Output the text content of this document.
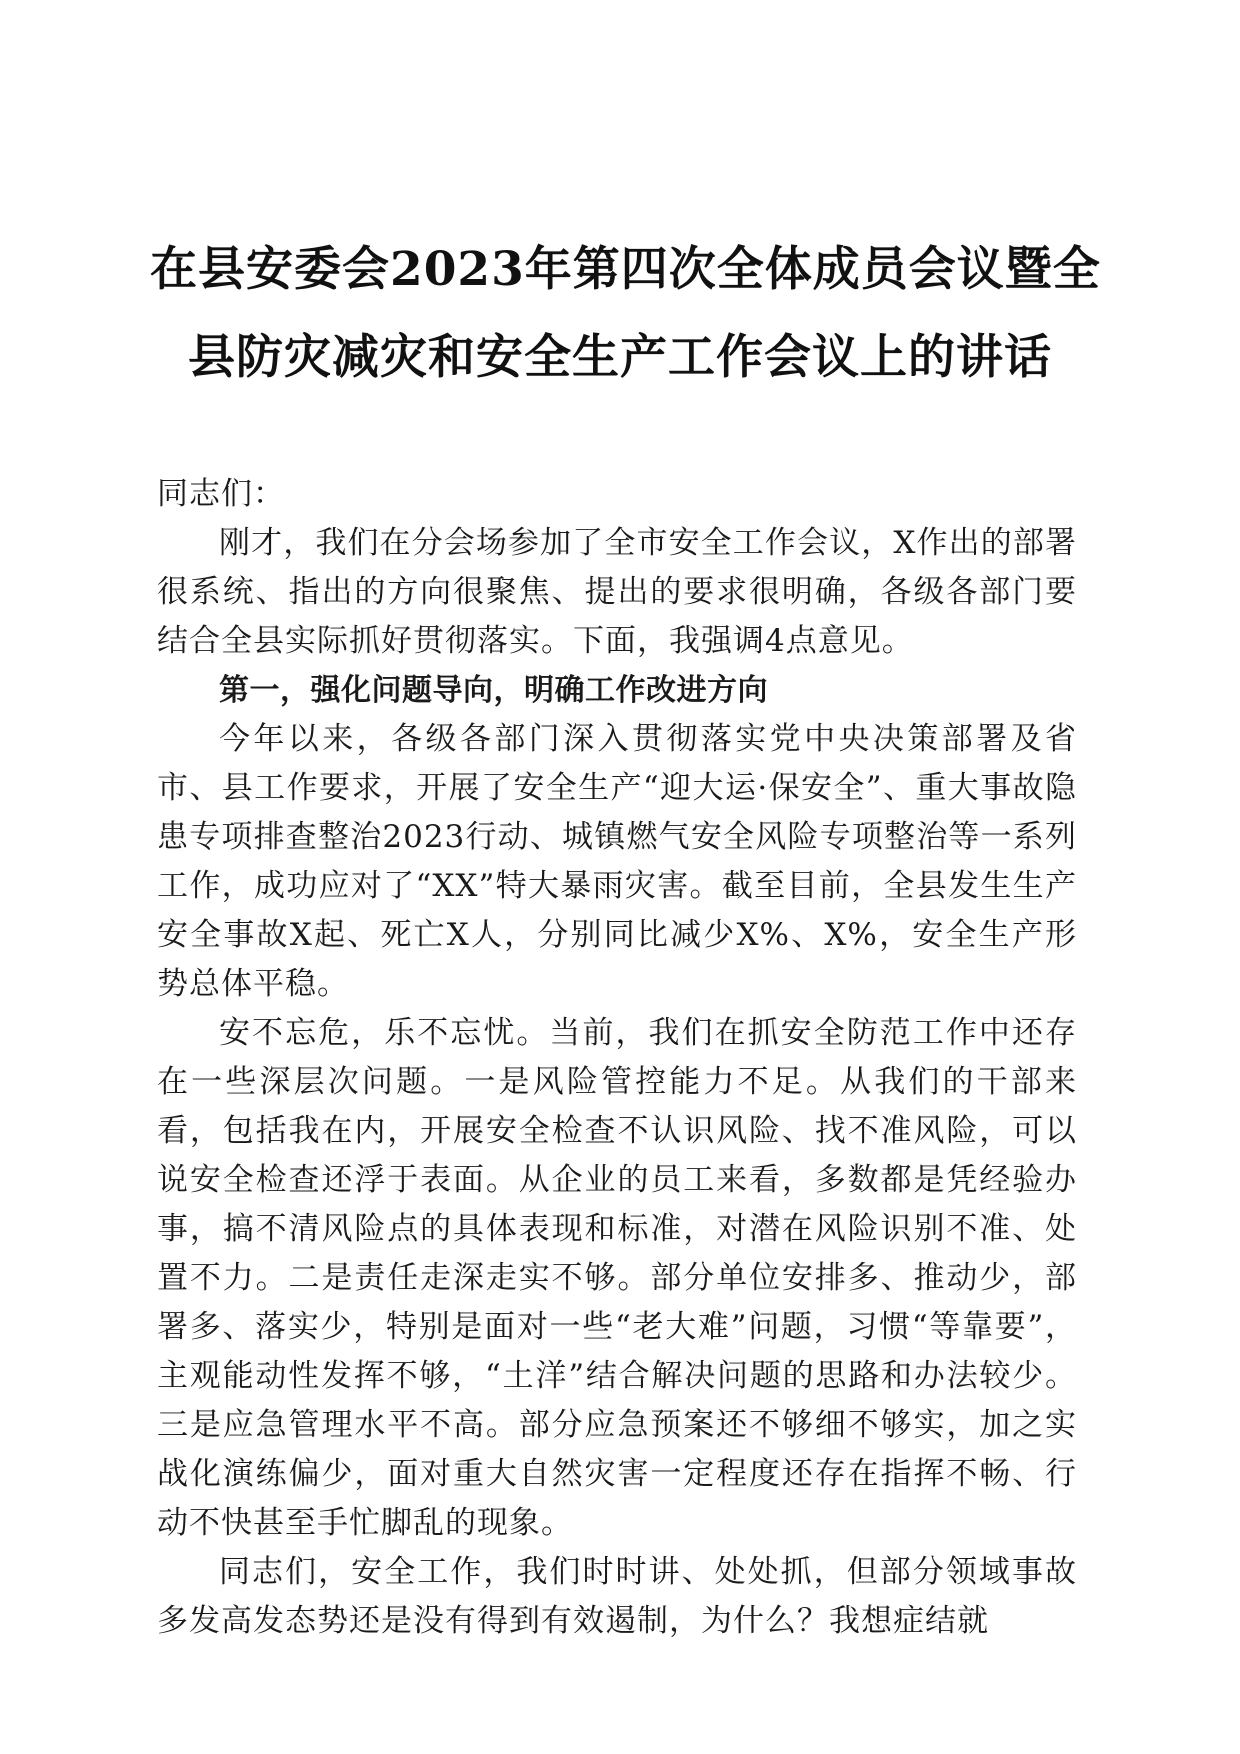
在县安委会2023年第四次全体成员会议暨全
县防灾减灾和安全生产工作会议上的讲话

同志们：

刚才，我们在分会场参加了全市安全工作会议，X作出的部署很系统、指出的方向很聚焦、提出的要求很明确，各级各部门要结合全县实际抓好贯彻落实。下面，我强调4点意见。

第一，强化问题导向，明确工作改进方向

今年以来，各级各部门深入贯彻落实党中央决策部署及省市、县工作要求，开展了安全生产“迎大运·保安全”、重大事故隐患专项排查整治2023行动、城镇燃气安全风险专项整治等一系列工作，成功应对了“XX”特大暴雨灾害。截至目前，全县发生生产安全事故X起、死亡X人，分别同比减少X%、X%，安全生产形势总体平稳。

安不忘危，乐不忘忧。当前，我们在抓安全防范工作中还存在一些深层次问题。一是风险管控能力不足。从我们的干部来看，包括我在内，开展安全检查不认识风险、找不准风险，可以说安全检查还浮于表面。从企业的员工来看，多数都是凭经验办事，搞不清风险点的具体表现和标准，对潜在风险识别不准、处置不力。二是责任走深走实不够。部分单位安排多、推动少，部署多、落实少，特别是面对一些“老大难”问题，习惯“等靠要”，主观能动性发挥不够，“土洋”结合解决问题的思路和办法较少。三是应急管理水平不高。部分应急预案还不够细不够实，加之实战化演练偏少，面对重大自然灾害一定程度还存在指挥不畅、行动不快甚至手忙脚乱的现象。

同志们，安全工作，我们时时讲、处处抓，但部分领域事故多发高发态势还是没有得到有效遏制，为什么？我想症结就
